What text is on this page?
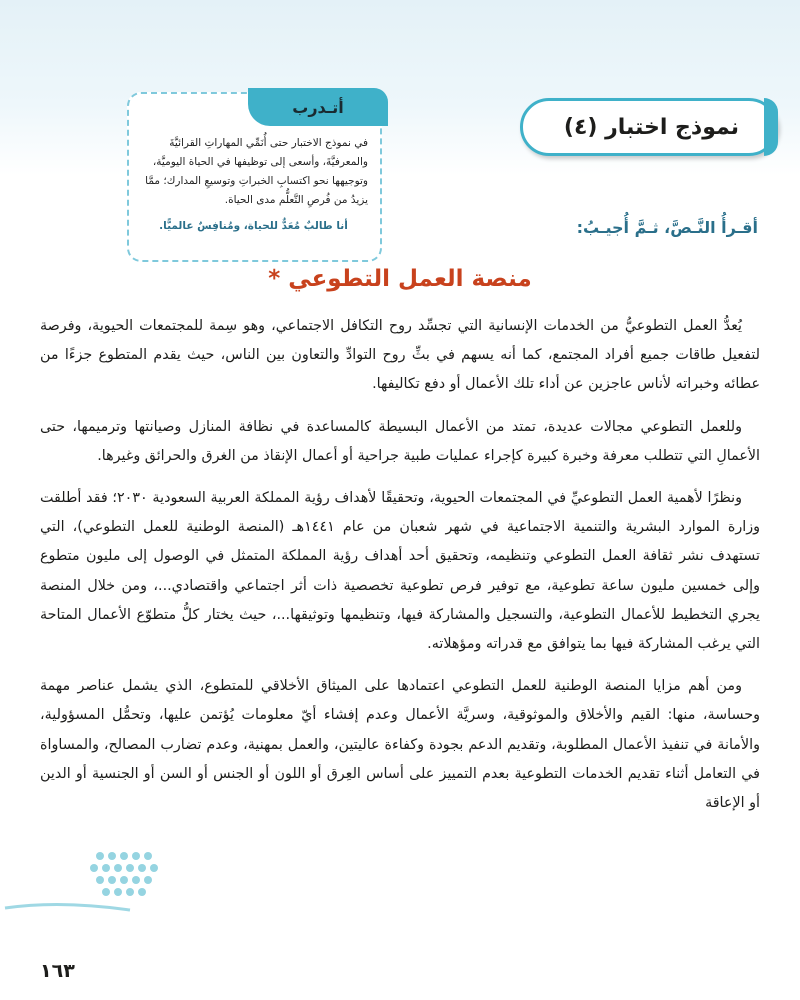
نموذج اختبار (٤)
أتـدرب
في نموذج الاختبار حتى أُنَمِّي المهاراتِ القرائيَّةَ والمعرفيَّةَ، وأسعى إلى توظيفها في الحياة اليوميَّة، وتوجيهها نحو اكتسابِ الخبراتِ وتوسيعِ المدارك؛ ممَّا يزيدُ من فُرصِ التَّعلُّم مدى الحياة.
أنا طالبٌ مُعَدٌّ للحياة، ومُنافِسٌ عالميًّا.	أقـرأُ النَّـصَّ، ثـمَّ أُجيـبُ:
منصة العمل التطوعي *

يُعدُّ العمل التطوعيُّ من الخدمات الإنسانية التي تجسِّد روح التكافل الاجتماعي، وهو سِمة للمجتمعات الحيوية، وفرصة لتفعيل طاقات جميع أفراد المجتمع، كما أنه يسهم في بثِّ روح التوادِّ والتعاون بين الناس، حيث يقدم المتطوع جزءًا من عطائه وخبراته لأناس عاجزين عن أداء تلك الأعمال أو دفع تكاليفها.

وللعمل التطوعي مجالات عديدة، تمتد من الأعمال البسيطة كالمساعدة في نظافة المنازل وصيانتها وترميمها، حتى الأعمالِ التي تتطلب معرفة وخبرة كبيرة كإجراء عمليات طبية جراحية أو أعمال الإنقاذ من الغرق والحرائق وغيرها.

ونظرًا لأهمية العمل التطوعيِّ في المجتمعات الحيوية، وتحقيقًا لأهداف رؤية المملكة العربية السعودية ٢٠٣٠؛ فقد أطلقت وزارة الموارد البشرية والتنمية الاجتماعية في شهر شعبان من عام ١٤٤١هـ (المنصة الوطنية للعمل التطوعي)، التي تستهدف نشر ثقافة العمل التطوعي وتنظيمه، وتحقيق أحد أهداف رؤية المملكة المتمثل في الوصول إلى مليون متطوع وإلى خمسين مليون ساعة تطوعية، مع توفير فرص تطوعية تخصصية ذات أثر اجتماعي واقتصادي...، ومن خلال المنصة يجري التخطيط للأعمال التطوعية، والتسجيل والمشاركة فيها، وتنظيمها وتوثيقها...، حيث يختار كلُّ متطوّع الأعمال المتاحة التي يرغب المشاركة فيها بما يتوافق مع قدراته ومؤهلاته.

ومن أهم مزايا المنصة الوطنية للعمل التطوعي اعتمادها على الميثاق الأخلاقي للمتطوع، الذي يشمل عناصر مهمة وحساسة، منها: القيم والأخلاق والموثوقية، وسريَّة الأعمال وعدم إفشاء أيّ معلومات يُؤتمن عليها، وتحمُّل المسؤولية، والأمانة في تنفيذ الأعمال المطلوبة، وتقديم الدعم بجودة وكفاءة عاليتين، والعمل بمهنية، وعدم تضارب المصالح، والمساواة في التعامل أثناء تقديم الخدمات التطوعية بعدم التمييز على أساس العِرق أو اللون أو الجنس أو السن أو الجنسية أو الدين أو الإعاقة

١٦٣
